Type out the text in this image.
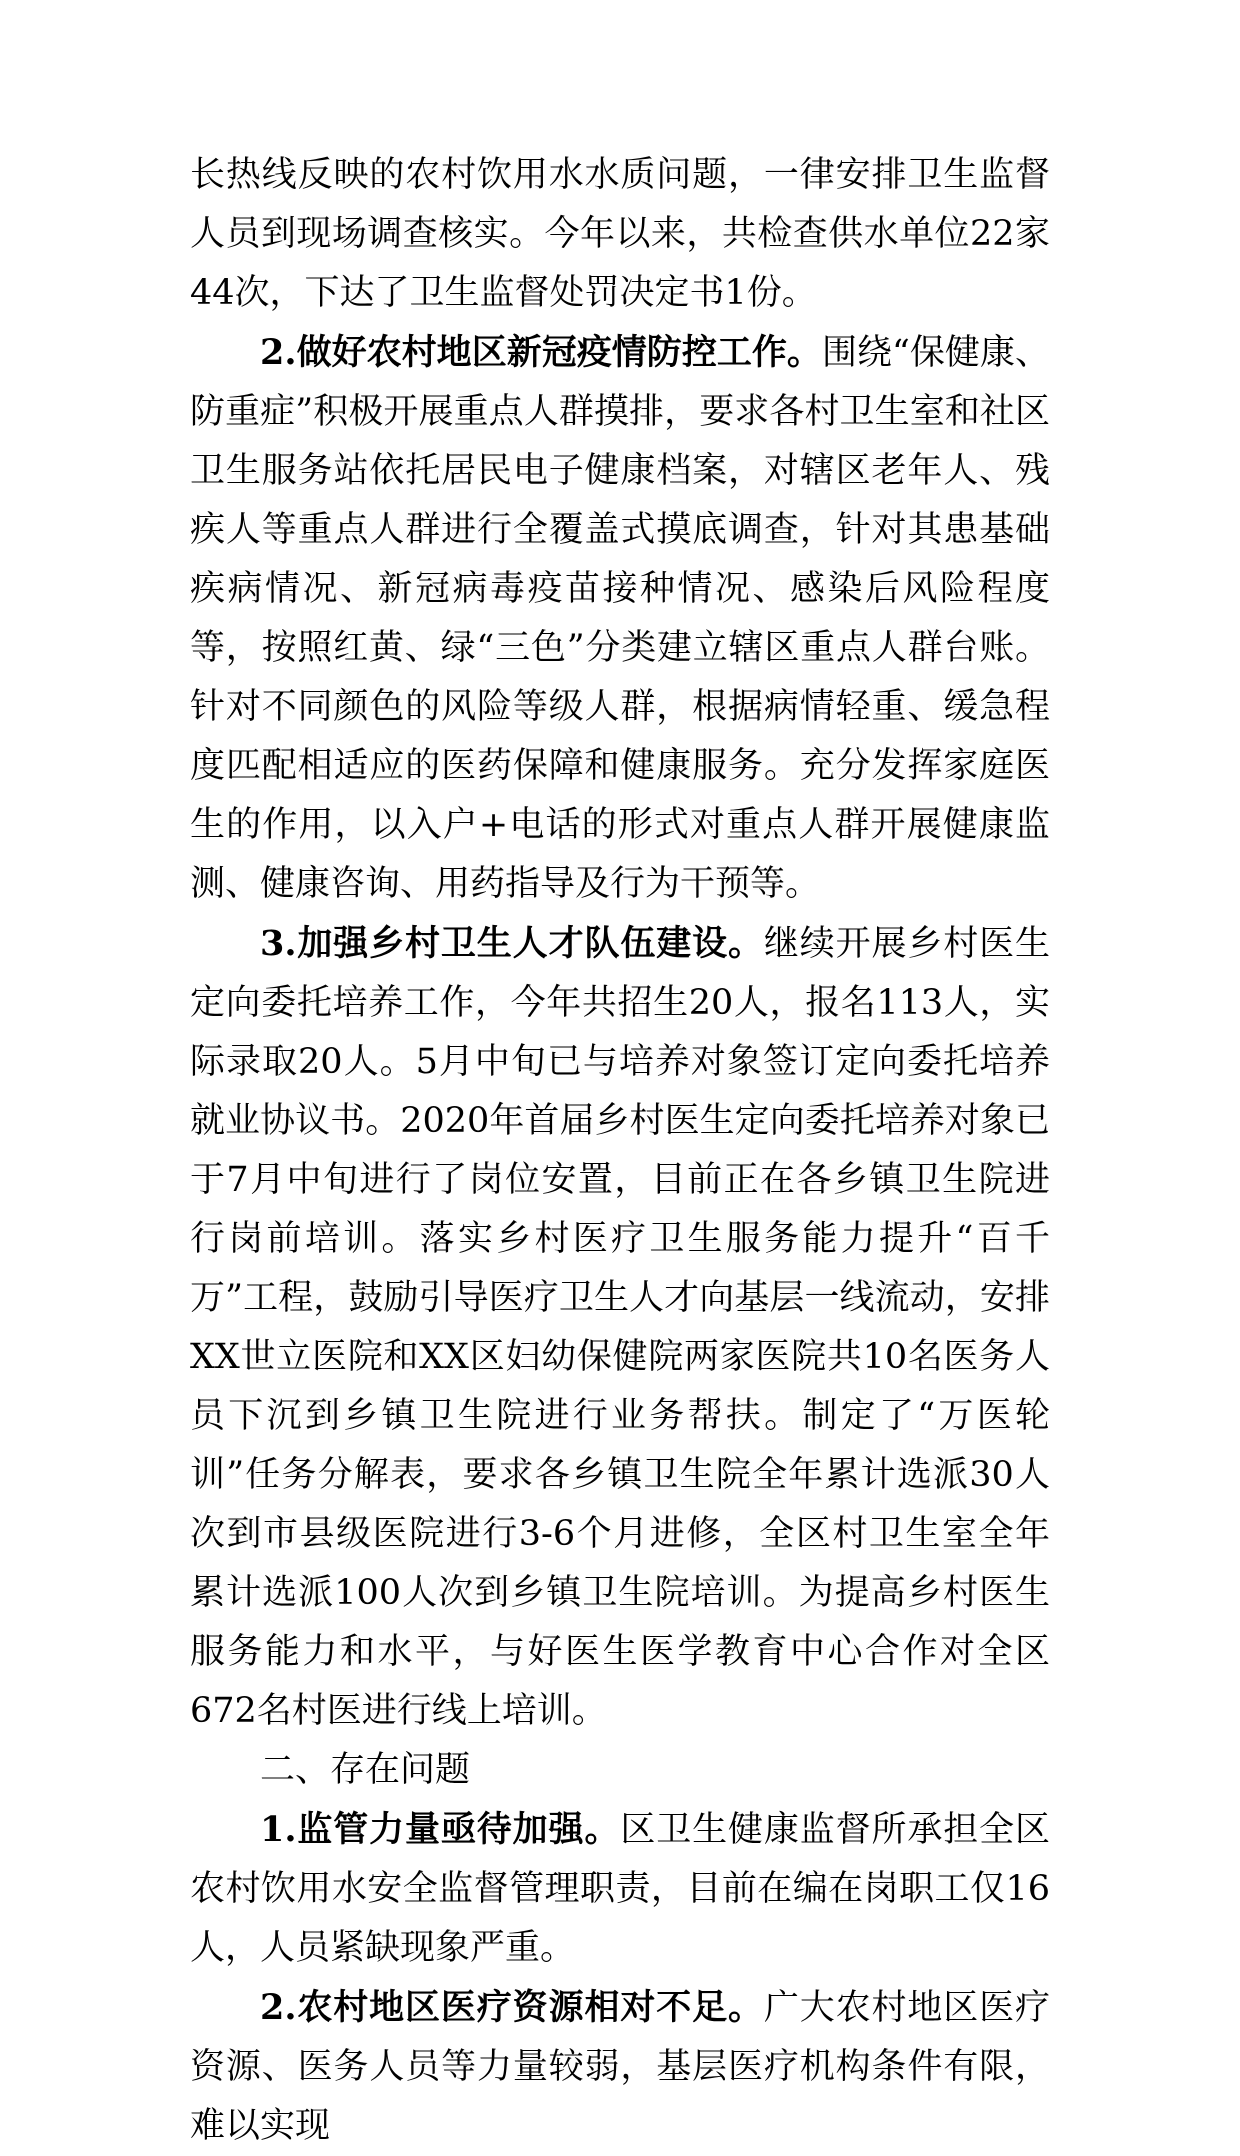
长热线反映的农村饮用水水质问题，一律安排卫生监督人员到现场调查核实。今年以来，共检查供水单位22家44次，下达了卫生监督处罚决定书1份。

2.做好农村地区新冠疫情防控工作。围绕“保健康、防重症”积极开展重点人群摸排，要求各村卫生室和社区卫生服务站依托居民电子健康档案，对辖区老年人、残疾人等重点人群进行全覆盖式摸底调查，针对其患基础疾病情况、新冠病毒疫苗接种情况、感染后风险程度等，按照红黄、绿“三色”分类建立辖区重点人群台账。针对不同颜色的风险等级人群，根据病情轻重、缓急程度匹配相适应的医药保障和健康服务。充分发挥家庭医生的作用，以入户+电话的形式对重点人群开展健康监测、健康咨询、用药指导及行为干预等。

3.加强乡村卫生人才队伍建设。继续开展乡村医生定向委托培养工作，今年共招生20人，报名113人，实际录取20人。5月中旬已与培养对象签订定向委托培养就业协议书。2020年首届乡村医生定向委托培养对象已于7月中旬进行了岗位安置，目前正在各乡镇卫生院进行岗前培训。落实乡村医疗卫生服务能力提升“百千万”工程，鼓励引导医疗卫生人才向基层一线流动，安排XX世立医院和XX区妇幼保健院两家医院共10名医务人员下沉到乡镇卫生院进行业务帮扶。制定了“万医轮训”任务分解表，要求各乡镇卫生院全年累计选派30人次到市县级医院进行3-6个月进修，全区村卫生室全年累计选派100人次到乡镇卫生院培训。为提高乡村医生服务能力和水平，与好医生医学教育中心合作对全区672名村医进行线上培训。

二、存在问题

1.监管力量亟待加强。区卫生健康监督所承担全区农村饮用水安全监督管理职责，目前在编在岗职工仅16人，人员紧缺现象严重。

2.农村地区医疗资源相对不足。广大农村地区医疗资源、医务人员等力量较弱，基层医疗机构条件有限，难以实现
